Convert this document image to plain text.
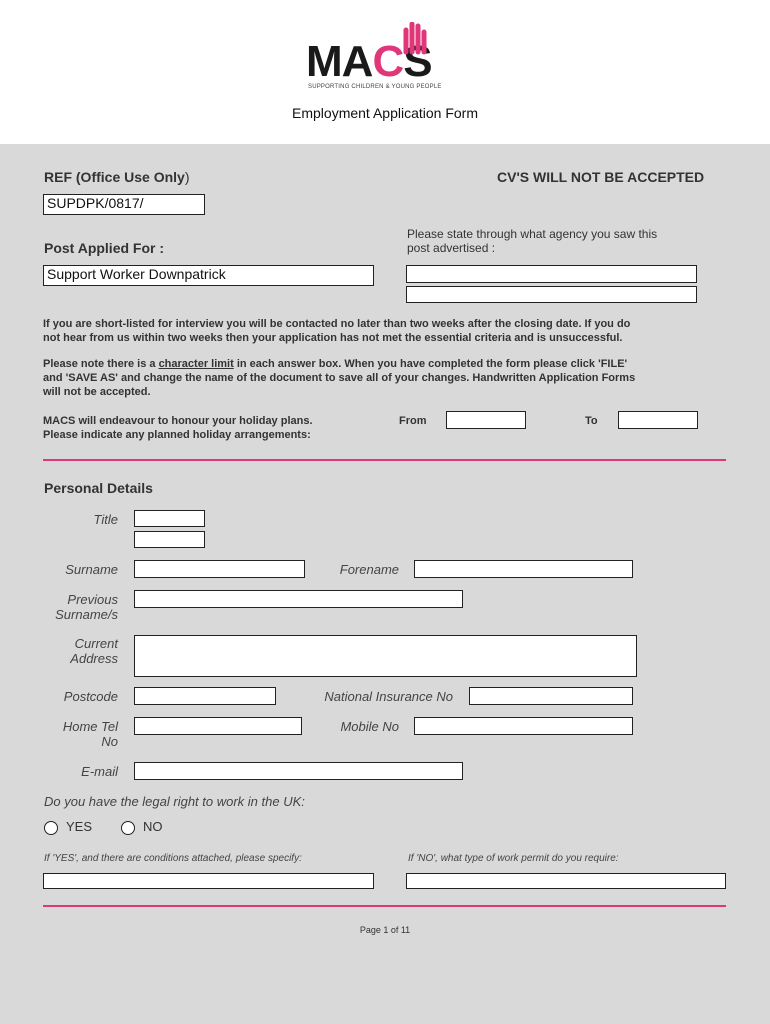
MACS
SUPPORTING CHILDREN & YOUNG PEOPLE
Employment Application Form
REF (Office Use Only)	CV'S WILL NOT BE ACCEPTED
SUPDPK/0817/
Post Applied For :
Support Worker Downpatrick
Please state through what agency you saw this
post advertised :
If you are short-listed for interview you will be contacted no later than two weeks after the closing date. If you do
not hear from us within two weeks then your application has not met the essential criteria and is unsuccessful.
Please note there is a character limit in each answer box. When you have completed the form please click 'FILE'
and 'SAVE AS' and change the name of the document to save all of your changes. Handwritten Application Forms
will not be accepted.
MACS will endeavour to honour your holiday plans.
Please indicate any planned holiday arrangements:
From	To
Personal Details
Title
Surname	Forename
Previous
Surname/s
Current
Address
Postcode	National Insurance No
Home Tel
No
Mobile No
E-mail
Do you have the legal right to work in the UK:
YES	NO
If 'YES', and there are conditions attached, please specify:	If 'NO', what type of work permit do you require:
Page 1 of 11
